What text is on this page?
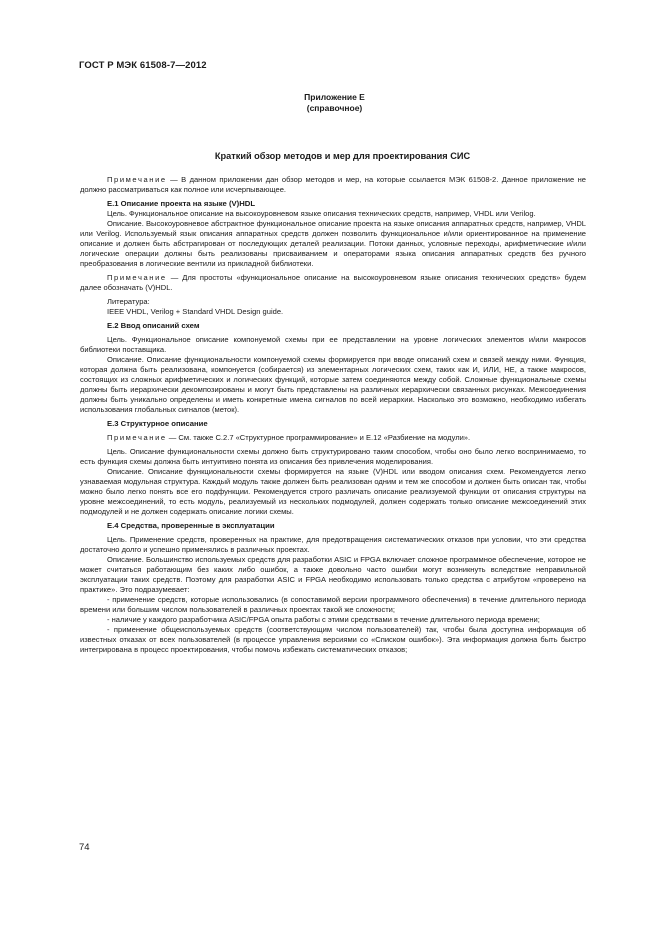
ГОСТ Р МЭК 61508-7—2012
Приложение Е
(справочное)
Краткий обзор методов и мер для проектирования СИС

Примечание — В данном приложении дан обзор методов и мер, на которые ссылается МЭК 61508-2. Данное приложение не должно рассматриваться как полное или исчерпывающее.

Е.1 Описание проекта на языке (V)HDL

Цель. Функциональное описание на высокоуровневом языке описания технических средств, например, VHDL или Verilog.

Описание. Высокоуровневое абстрактное функциональное описание проекта на языке описания аппаратных средств, например, VHDL или Verilog. Используемый язык описания аппаратных средств должен позволить функциональное и/или ориентированное на применение описание и должен быть абстрагирован от последующих деталей реализации. Потоки данных, условные переходы, арифметические и/или логические операции должны быть реализованы присваиванием и операторами языка описания аппаратных средств без ручного преобразования в логические вентили из прикладной библиотеки.

Примечание — Для простоты «функциональное описание на высокоуровневом языке описания технических средств» будем далее обозначать (V)HDL.

Литература:

IEEE VHDL, Verilog + Standard VHDL Design guide.

Е.2 Ввод описаний схем

Цель. Функциональное описание компонуемой схемы при ее представлении на уровне логических элементов и/или макросов библиотеки поставщика.

Описание. Описание функциональности компонуемой схемы формируется при вводе описаний схем и связей между ними. Функция, которая должна быть реализована, компонуется (собирается) из элементарных логических схем, таких как И, ИЛИ, НЕ, а также макросов, состоящих из сложных арифметических и логических функций, которые затем соединяются между собой. Сложные функциональные схемы должны быть иерархически декомпозированы и могут быть представлены на различных иерархически связанных рисунках. Межсоединения должны быть уникально определены и иметь конкретные имена сигналов по всей иерархии. Насколько это возможно, необходимо избегать использования глобальных сигналов (меток).

Е.3 Структурное описание

Примечание — См. также С.2.7 «Структурное программирование» и Е.12 «Разбиение на модули».

Цель. Описание функциональности схемы должно быть структурировано таким способом, чтобы оно было легко воспринимаемо, то есть функция схемы должна быть интуитивно понята из описания без привлечения моделирования.

Описание. Описание функциональности схемы формируется на языке (V)HDL или вводом описания схем. Рекомендуется легко узнаваемая модульная структура. Каждый модуль также должен быть реализован одним и тем же способом и должен быть описан так, чтобы можно было легко понять все его подфункции. Рекомендуется строго различать описание реализуемой функции от описания структуры на уровне межсоединений, то есть модуль, реализуемый из нескольких подмодулей, должен содержать только описание межсоединений этих подмодулей и не должен содержать описание логики схемы.

Е.4 Средства, проверенные в эксплуатации

Цель. Применение средств, проверенных на практике, для предотвращения систематических отказов при условии, что эти средства достаточно долго и успешно применялись в различных проектах.

Описание. Большинство используемых средств для разработки ASIC и FPGA включает сложное программное обеспечение, которое не может считаться работающим без каких либо ошибок, а также довольно часто ошибки могут возникнуть вследствие неправильной эксплуатации таких средств. Поэтому для разработки ASIC и FPGA необходимо использовать только средства с атрибутом «проверено на практике». Это подразумевает:

- применение средств, которые использовались (в сопоставимой версии программного обеспечения) в течение длительного периода времени или большим числом пользователей в различных проектах такой же сложности;

- наличие у каждого разработчика ASIC/FPGA опыта работы с этими средствами в течение длительного периода времени;

- применение общеиспользуемых средств (соответствующим числом пользователей) так, чтобы была доступна информация об известных отказах от всех пользователей (в процессе управления версиями со «Списком ошибок»). Эта информация должна быть быстро интегрирована в процесс проектирования, чтобы помочь избежать систематических отказов;

74
